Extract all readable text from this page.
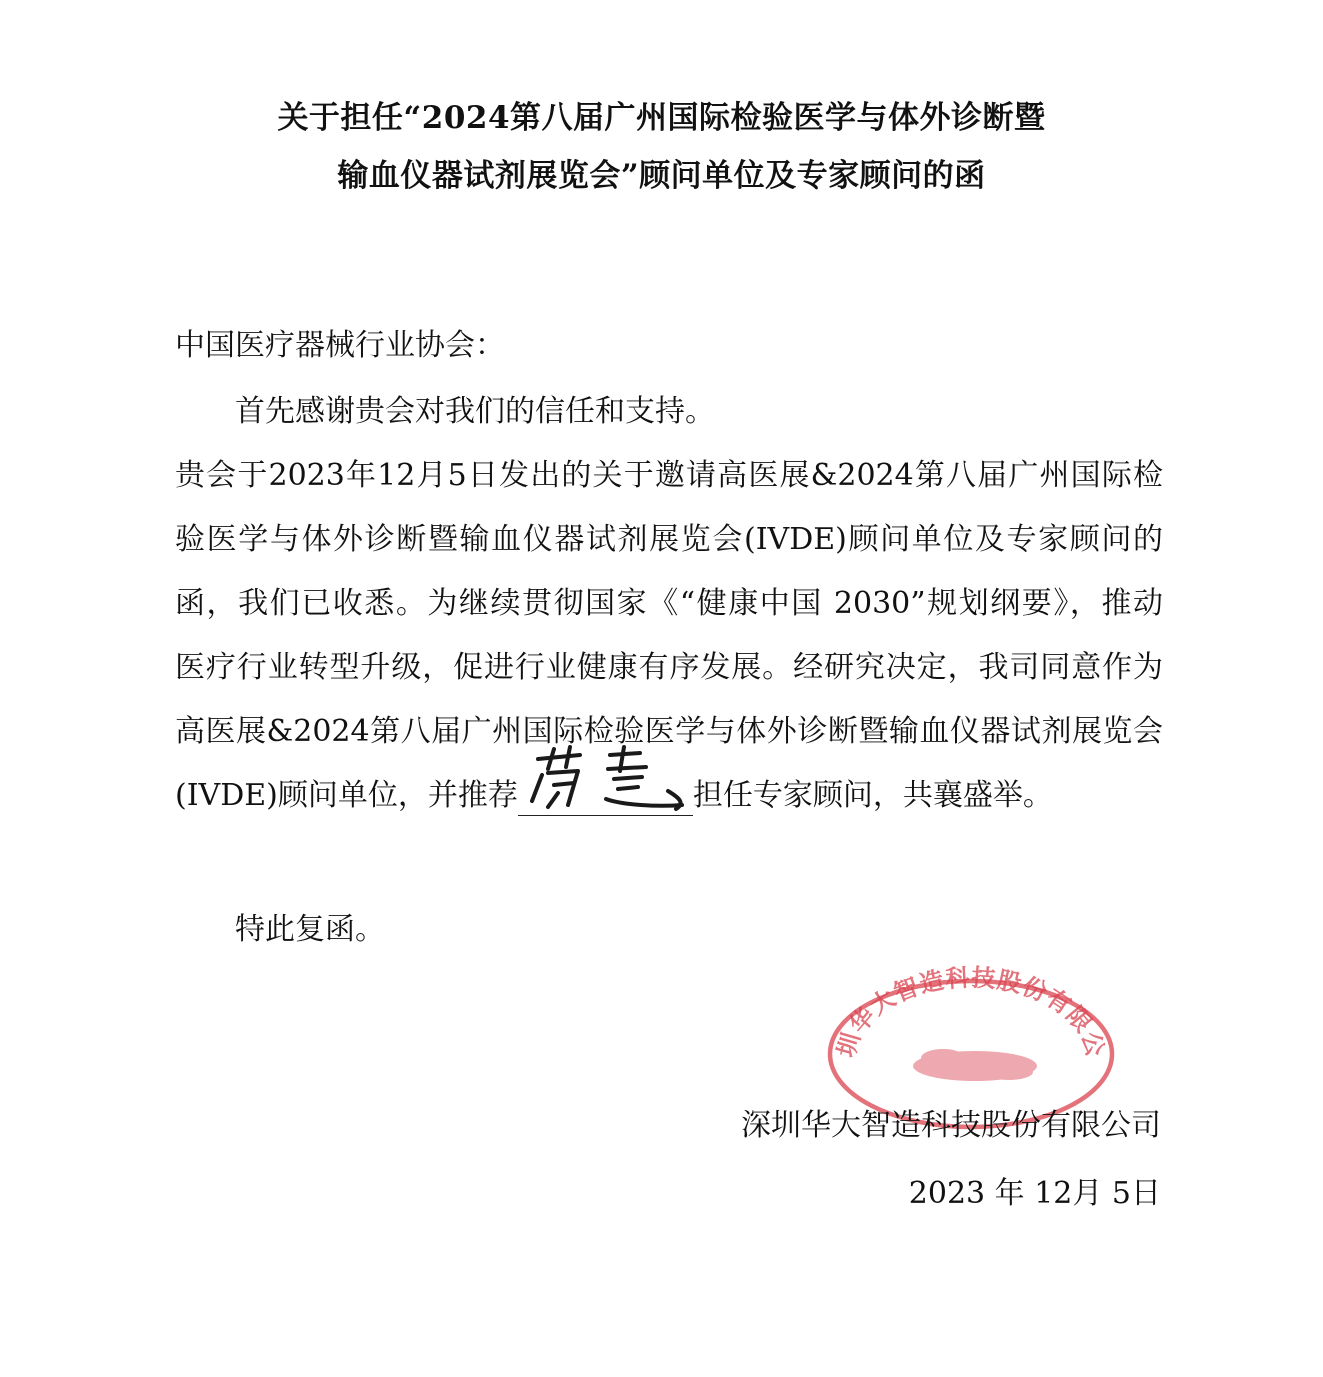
关于担任“2024第八届广州国际检验医学与体外诊断暨
输血仪器试剂展览会”顾问单位及专家顾问的函
中国医疗器械行业协会：
首先感谢贵会对我们的信任和支持。
贵会于2023年12月5日发出的关于邀请高医展&2024第八届广州国际检
验医学与体外诊断暨输血仪器试剂展览会(IVDE)顾问单位及专家顾问的
函，我们已收悉。为继续贯彻国家《“健康中国 2030”规划纲要》，推动
医疗行业转型升级，促进行业健康有序发展。经研究决定，我司同意作为
高医展&2024第八届广州国际检验医学与体外诊断暨输血仪器试剂展览会
(IVDE)顾问单位，并推荐	担任专家顾问，共襄盛举。
特此复函。
圳华大智造科技股份有限公
深圳华大智造科技股份有限公司
2023 年 12月 5日
